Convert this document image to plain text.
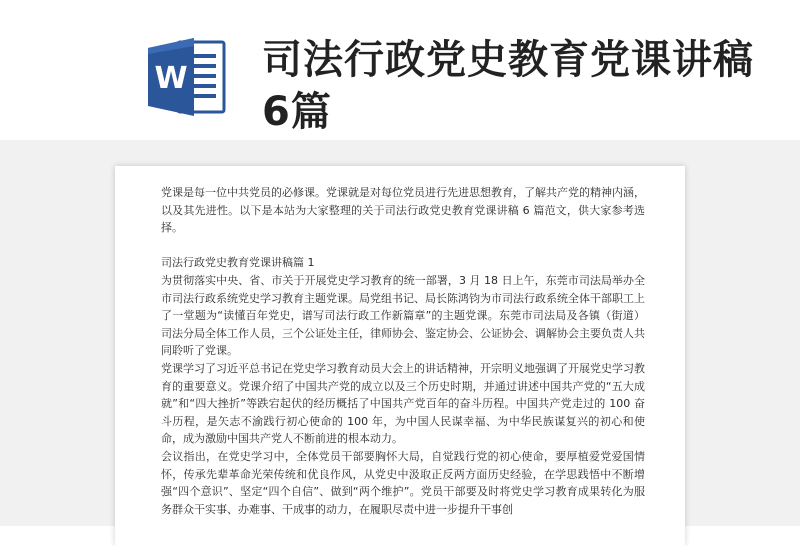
W 司法行政党史教育党课讲稿6篇

党课是每一位中共党员的必修课。党课就是对每位党员进行先进思想教育，了解共产党的精神内涵，以及其先进性。以下是本站为大家整理的关于司法行政党史教育党课讲稿 6 篇范文，供大家参考选择。

司法行政党史教育党课讲稿篇 1

为贯彻落实中央、省、市关于开展党史学习教育的统一部署，3 月 18 日上午，东莞市司法局举办全市司法行政系统党史学习教育主题党课。局党组书记、局长陈鸿钧为市司法行政系统全体干部职工上了一堂题为“读懂百年党史，谱写司法行政工作新篇章”的主题党课。东莞市司法局及各镇（街道）司法分局全体工作人员，三个公证处主任，律师协会、鉴定协会、公证协会、调解协会主要负责人共同聆听了党课。

党课学习了习近平总书记在党史学习教育动员大会上的讲话精神，开宗明义地强调了开展党史学习教育的重要意义。党课介绍了中国共产党的成立以及三个历史时期，并通过讲述中国共产党的“五大成就”和“四大挫折”等跌宕起伏的经历概括了中国共产党百年的奋斗历程。中国共产党走过的 100 奋斗历程，是矢志不渝践行初心使命的 100 年，为中国人民谋幸福、为中华民族谋复兴的初心和使命，成为激励中国共产党人不断前进的根本动力。

会议指出，在党史学习中，全体党员干部要胸怀大局，自觉践行党的初心使命，要厚植爱党爱国情怀，传承先辈革命光荣传统和优良作风，从党史中汲取正反两方面历史经验，在学思践悟中不断增强“四个意识”、坚定“四个自信”、做到“两个维护”。党员干部要及时将党史学习教育成果转化为服务群众干实事、办难事、干成事的动力，在履职尽责中进一步提升干事创
